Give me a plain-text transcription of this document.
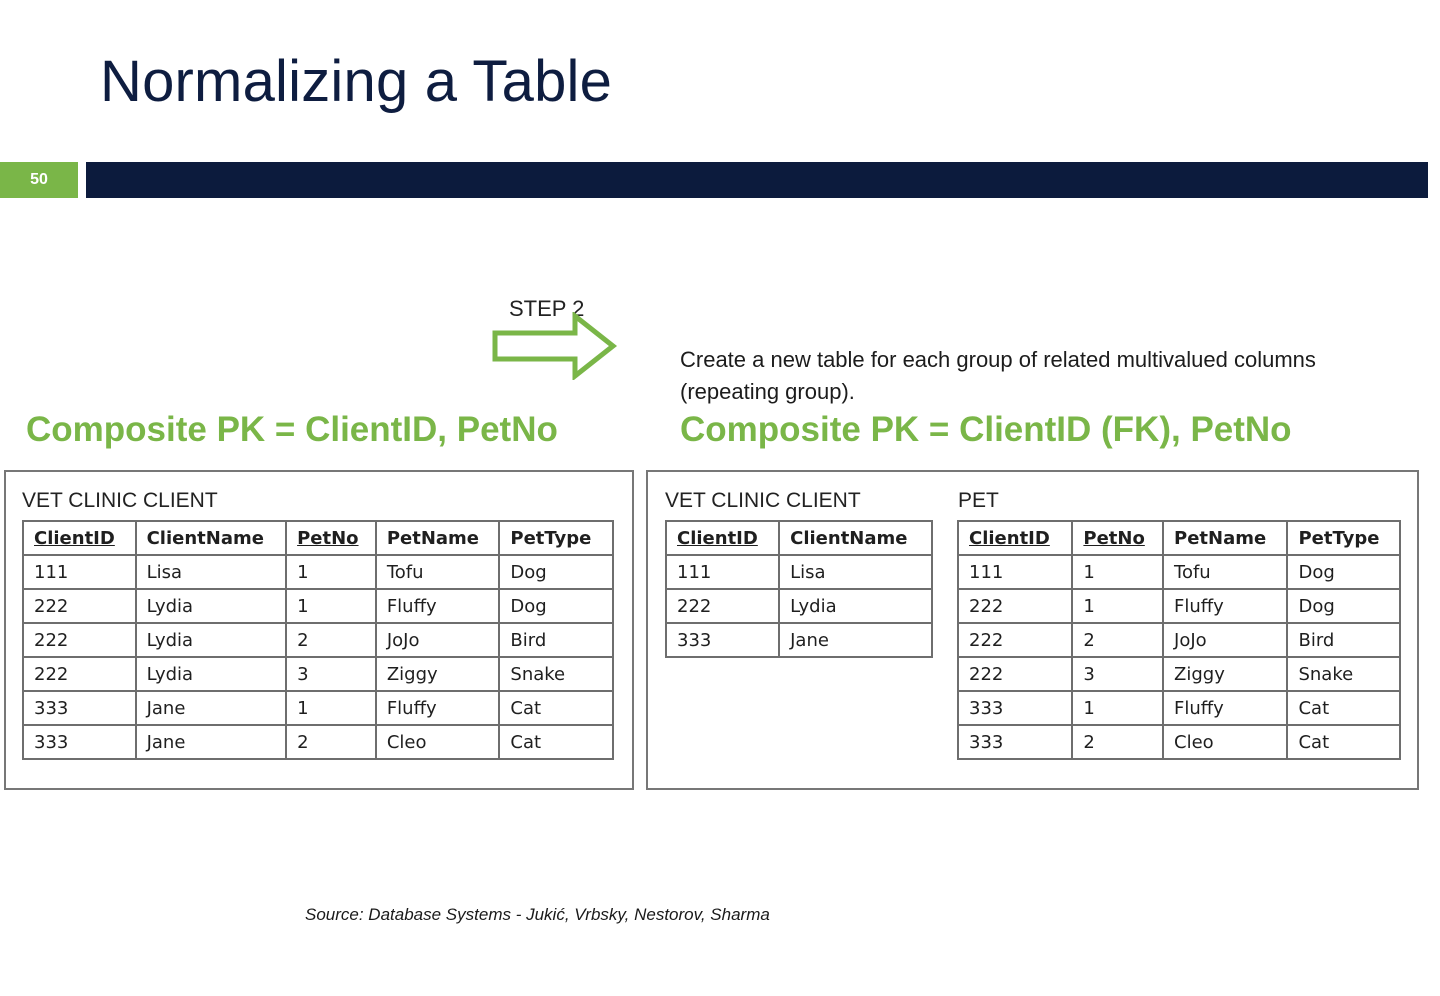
Normalizing a Table
50
STEP 2
Create a new table for each group of related multivalued columns (repeating group).
Composite PK = ClientID, PetNo	Composite PK = ClientID (FK), PetNo
VET CLINIC CLIENT
ClientID	ClientName	PetNo	PetName	PetType
111	Lisa	1	Tofu	Dog
222	Lydia	1	Fluffy	Dog
222	Lydia	2	JoJo	Bird
222	Lydia	3	Ziggy	Snake
333	Jane	1	Fluffy	Cat
333	Jane	2	Cleo	Cat
VET CLINIC CLIENT
ClientID	ClientName
111	Lisa
222	Lydia
333	Jane
PET
ClientID	PetNo	PetName	PetType
111	1	Tofu	Dog
222	1	Fluffy	Dog
222	2	JoJo	Bird
222	3	Ziggy	Snake
333	1	Fluffy	Cat
333	2	Cleo	Cat
Source: Database Systems - Jukić, Vrbsky, Nestorov, Sharma
